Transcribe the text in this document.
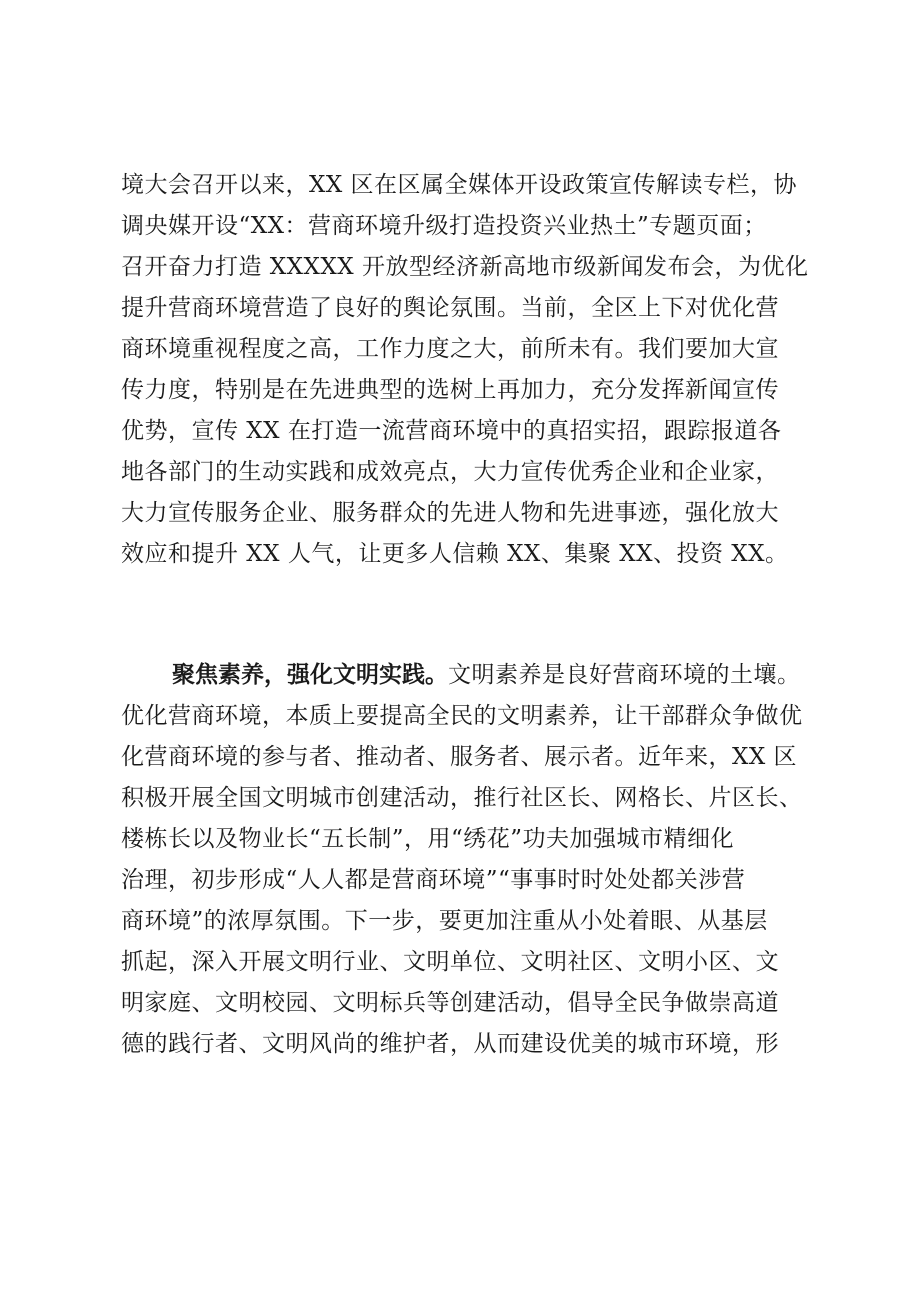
境大会召开以来，XX 区在区属全媒体开设政策宣传解读专栏，协
调央媒开设“XX：营商环境升级打造投资兴业热土”专题页面；
召开奋力打造 XXXXX 开放型经济新高地市级新闻发布会，为优化
提升营商环境营造了良好的舆论氛围。当前，全区上下对优化营
商环境重视程度之高，工作力度之大，前所未有。我们要加大宣
传力度，特别是在先进典型的选树上再加力，充分发挥新闻宣传
优势，宣传 XX 在打造一流营商环境中的真招实招，跟踪报道各
地各部门的生动实践和成效亮点，大力宣传优秀企业和企业家，
大力宣传服务企业、服务群众的先进人物和先进事迹，强化放大
效应和提升 XX 人气，让更多人信赖 XX、集聚 XX、投资 XX。
聚焦素养，强化文明实践。文明素养是良好营商环境的土壤。
优化营商环境，本质上要提高全民的文明素养，让干部群众争做优
化营商环境的参与者、推动者、服务者、展示者。近年来，XX 区
积极开展全国文明城市创建活动，推行社区长、网格长、片区长、
楼栋长以及物业长“五长制”，用“绣花”功夫加强城市精细化
治理，初步形成“人人都是营商环境”“事事时时处处都关涉营
商环境”的浓厚氛围。下一步，要更加注重从小处着眼、从基层
抓起，深入开展文明行业、文明单位、文明社区、文明小区、文
明家庭、文明校园、文明标兵等创建活动，倡导全民争做崇高道
德的践行者、文明风尚的维护者，从而建设优美的城市环境，形
